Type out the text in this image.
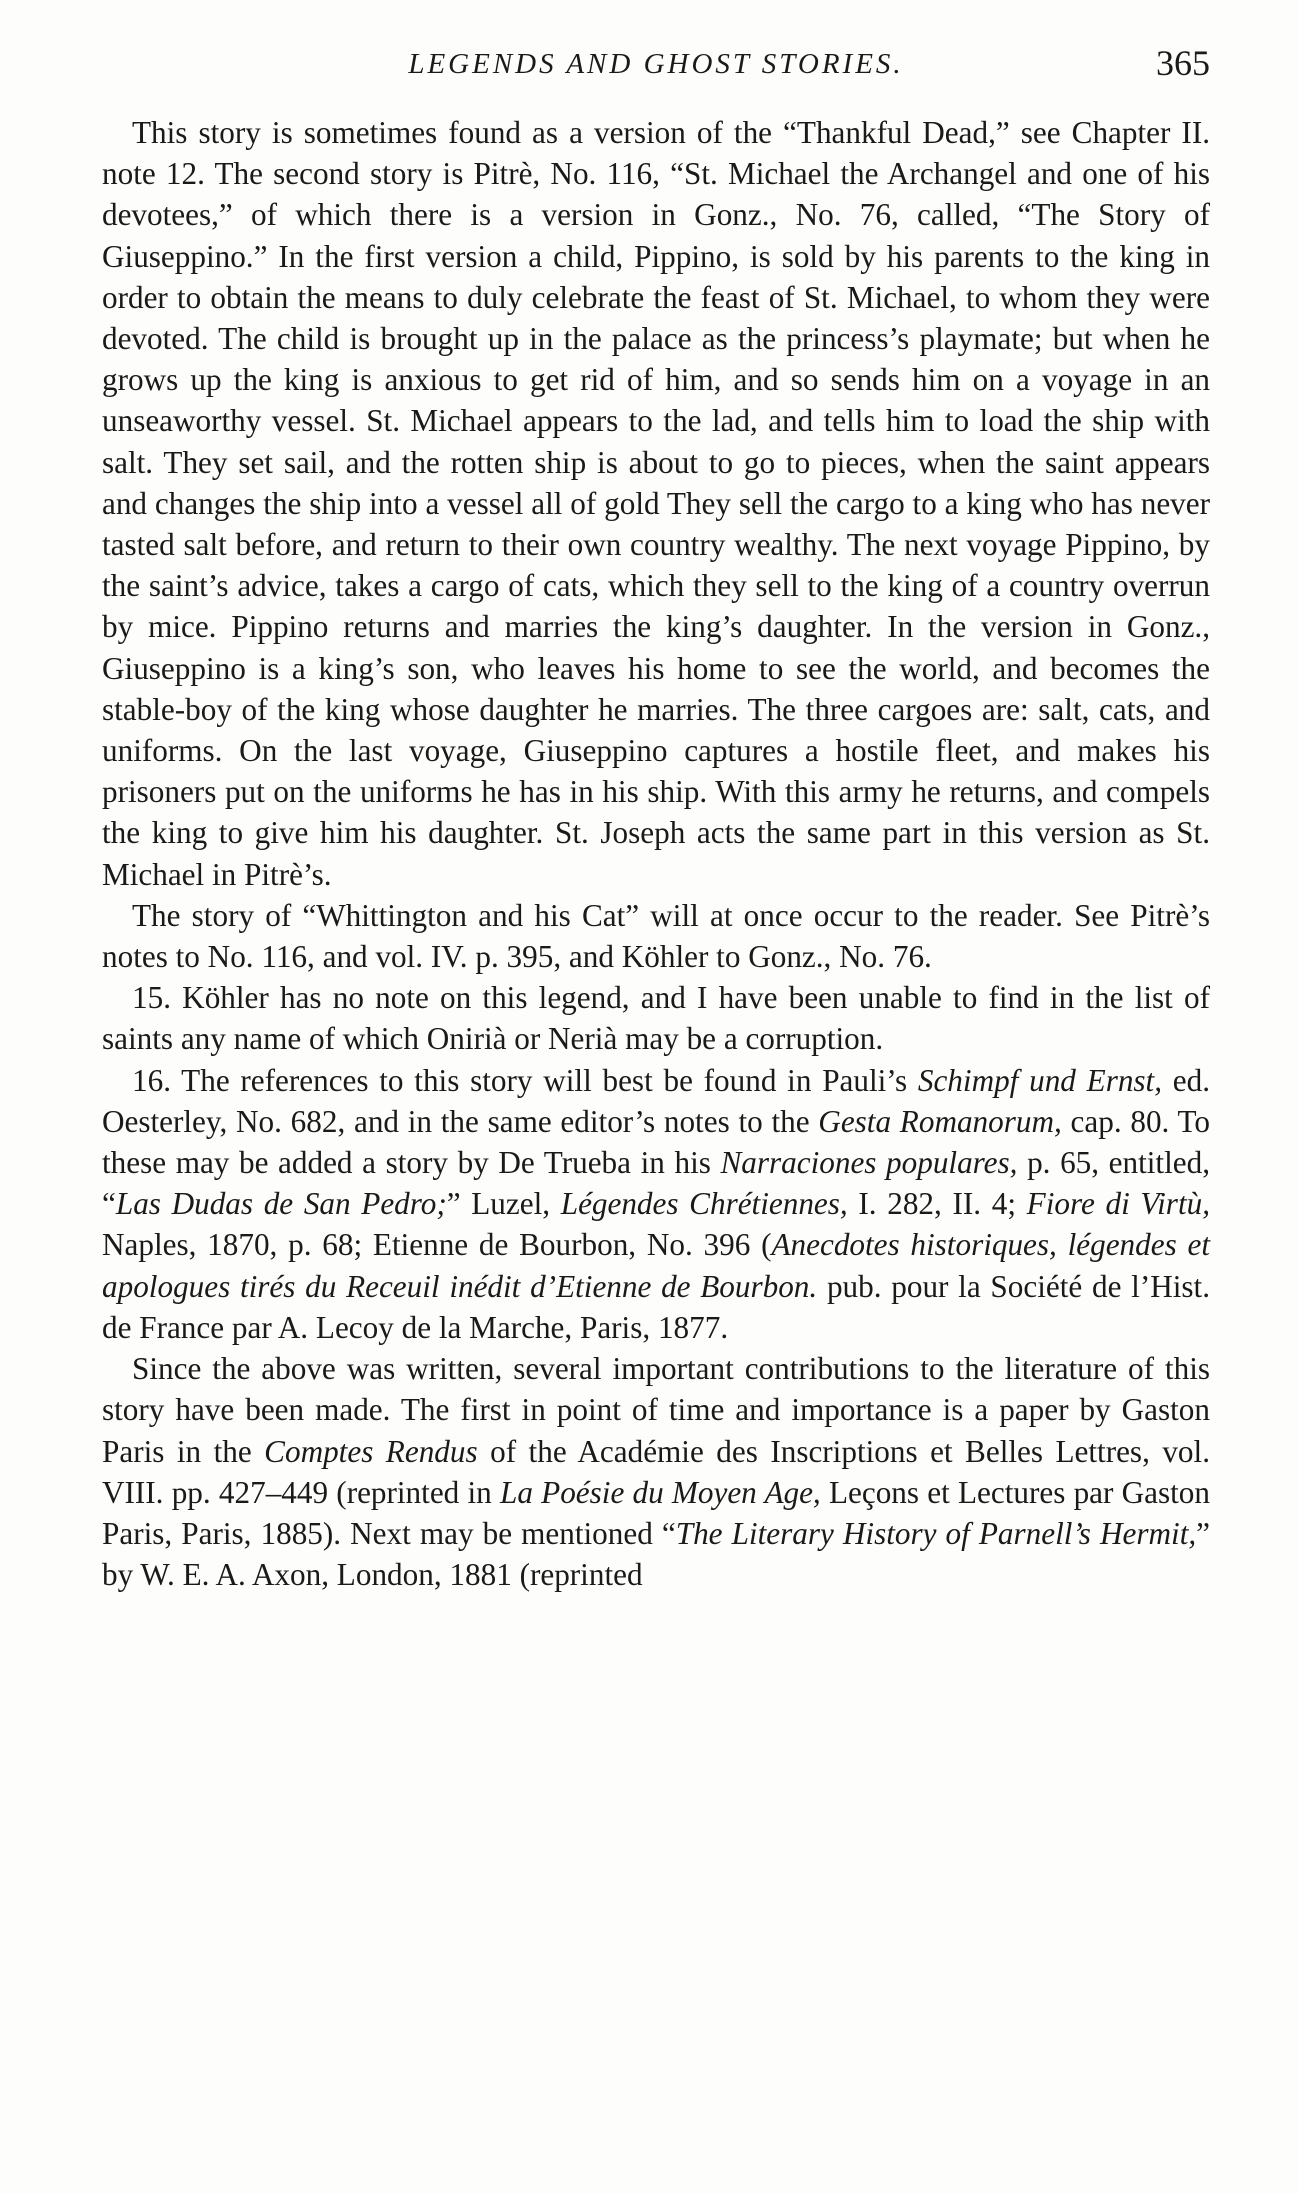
LEGENDS AND GHOST STORIES.	365

This story is sometimes found as a version of the “Thankful Dead,” see Chapter II. note 12. The second story is Pitrè, No. 116, “St. Michael the Archangel and one of his devotees,” of which there is a version in Gonz., No. 76, called, “The Story of Giuseppino.” In the first version a child, Pippino, is sold by his parents to the king in order to obtain the means to duly celebrate the feast of St. Michael, to whom they were devoted. The child is brought up in the palace as the princess’s playmate; but when he grows up the king is anxious to get rid of him, and so sends him on a voyage in an unseaworthy vessel. St. Michael appears to the lad, and tells him to load the ship with salt. They set sail, and the rotten ship is about to go to pieces, when the saint appears and changes the ship into a vessel all of gold They sell the cargo to a king who has never tasted salt before, and return to their own country wealthy. The next voyage Pippino, by the saint’s advice, takes a cargo of cats, which they sell to the king of a country overrun by mice. Pippino returns and marries the king’s daughter. In the version in Gonz., Giuseppino is a king’s son, who leaves his home to see the world, and becomes the stable-boy of the king whose daughter he marries. The three cargoes are: salt, cats, and uniforms. On the last voyage, Giuseppino captures a hostile fleet, and makes his prisoners put on the uniforms he has in his ship. With this army he returns, and compels the king to give him his daughter. St. Joseph acts the same part in this version as St. Michael in Pitrè’s.

The story of “Whittington and his Cat” will at once occur to the reader. See Pitrè’s notes to No. 116, and vol. IV. p. 395, and Köhler to Gonz., No. 76.

15. Köhler has no note on this legend, and I have been unable to find in the list of saints any name of which Onirià or Nerià may be a corruption.

16. The references to this story will best be found in Pauli’s Schimpf und Ernst, ed. Oesterley, No. 682, and in the same editor’s notes to the Gesta Romanorum, cap. 80. To these may be added a story by De Trueba in his Narraciones populares, p. 65, entitled, “Las Dudas de San Pedro;” Luzel, Légendes Chrétiennes, I. 282, II. 4; Fiore di Virtù, Naples, 1870, p. 68; Etienne de Bourbon, No. 396 (Anecdotes historiques, légendes et apologues tirés du Receuil inédit d’Etienne de Bourbon. pub. pour la Société de l’Hist. de France par A. Lecoy de la Marche, Paris, 1877.

Since the above was written, several important contributions to the literature of this story have been made. The first in point of time and importance is a paper by Gaston Paris in the Comptes Rendus of the Académie des Inscriptions et Belles Lettres, vol. VIII. pp. 427–449 (reprinted in La Poésie du Moyen Age, Leçons et Lectures par Gaston Paris, Paris, 1885). Next may be mentioned “The Literary History of Parnell’s Hermit,” by W. E. A. Axon, London, 1881 (reprinted
